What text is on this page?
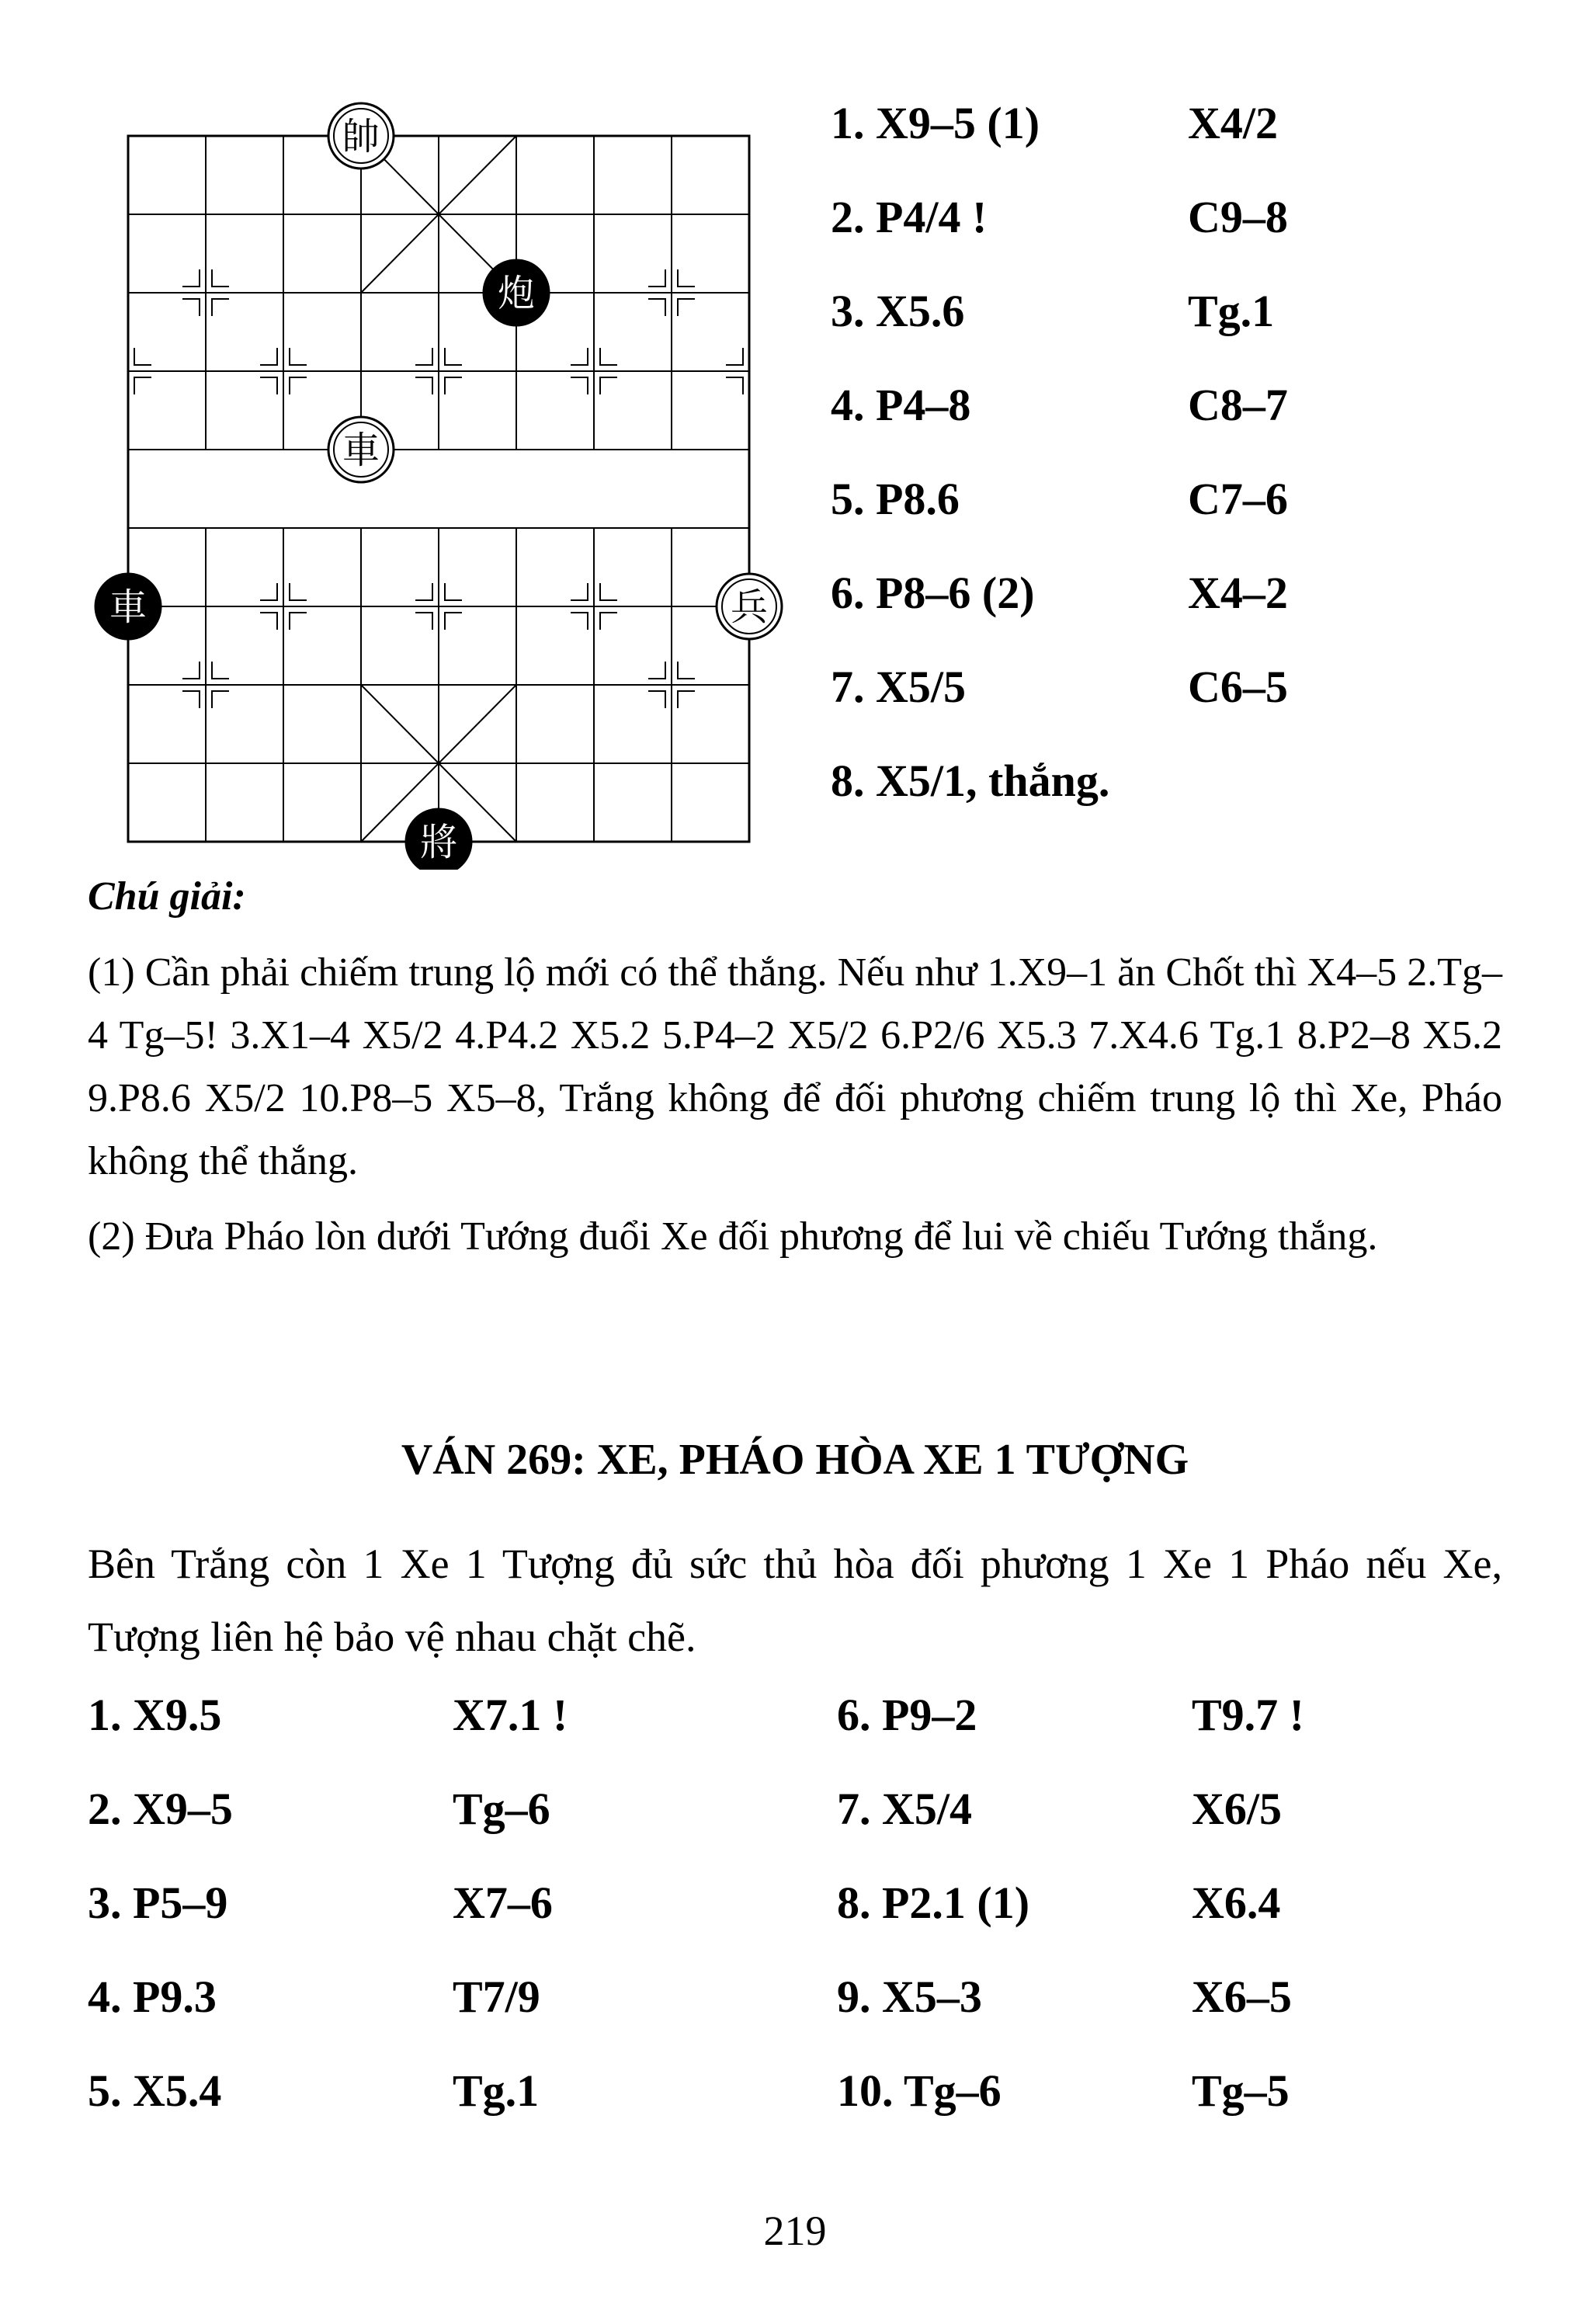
帥
炮
車
車	兵
將
1. X9–5 (1)	X4/2
2. P4/4 !	C9–8
3. X5.6	Tg.1
4. P4–8	C8–7
5. P8.6	C7–6
6. P8–6 (2)	X4–2
7. X5/5	C6–5
8. X5/1, thắng.
Chú giải:
(1) Cần phải chiếm trung lộ mới có thể thắng. Nếu như 1.X9–1 ăn Chốt thì X4–5 2.Tg–4 Tg–5! 3.X1–4 X5/2 4.P4.2 X5.2 5.P4–2 X5/2 6.P2/6 X5.3 7.X4.6 Tg.1 8.P2–8 X5.2 9.P8.6 X5/2 10.P8–5 X5–8, Trắng không để đối phương chiếm trung lộ thì Xe, Pháo không thể thắng.
(2) Đưa Pháo lòn dưới Tướng đuổi Xe đối phương để lui về chiếu Tướng thắng.
VÁN 269: XE, PHÁO HÒA XE 1 TƯỢNG
Bên Trắng còn 1 Xe 1 Tượng đủ sức thủ hòa đối phương 1 Xe 1 Pháo nếu Xe, Tượng liên hệ bảo vệ nhau chặt chẽ.
1. X9.5	X7.1 !	6. P9–2	T9.7 !
2. X9–5	Tg–6	7. X5/4	X6/5
3. P5–9	X7–6	8. P2.1 (1)	X6.4
4. P9.3	T7/9	9. X5–3	X6–5
5. X5.4	Tg.1	10. Tg–6	Tg–5
219
